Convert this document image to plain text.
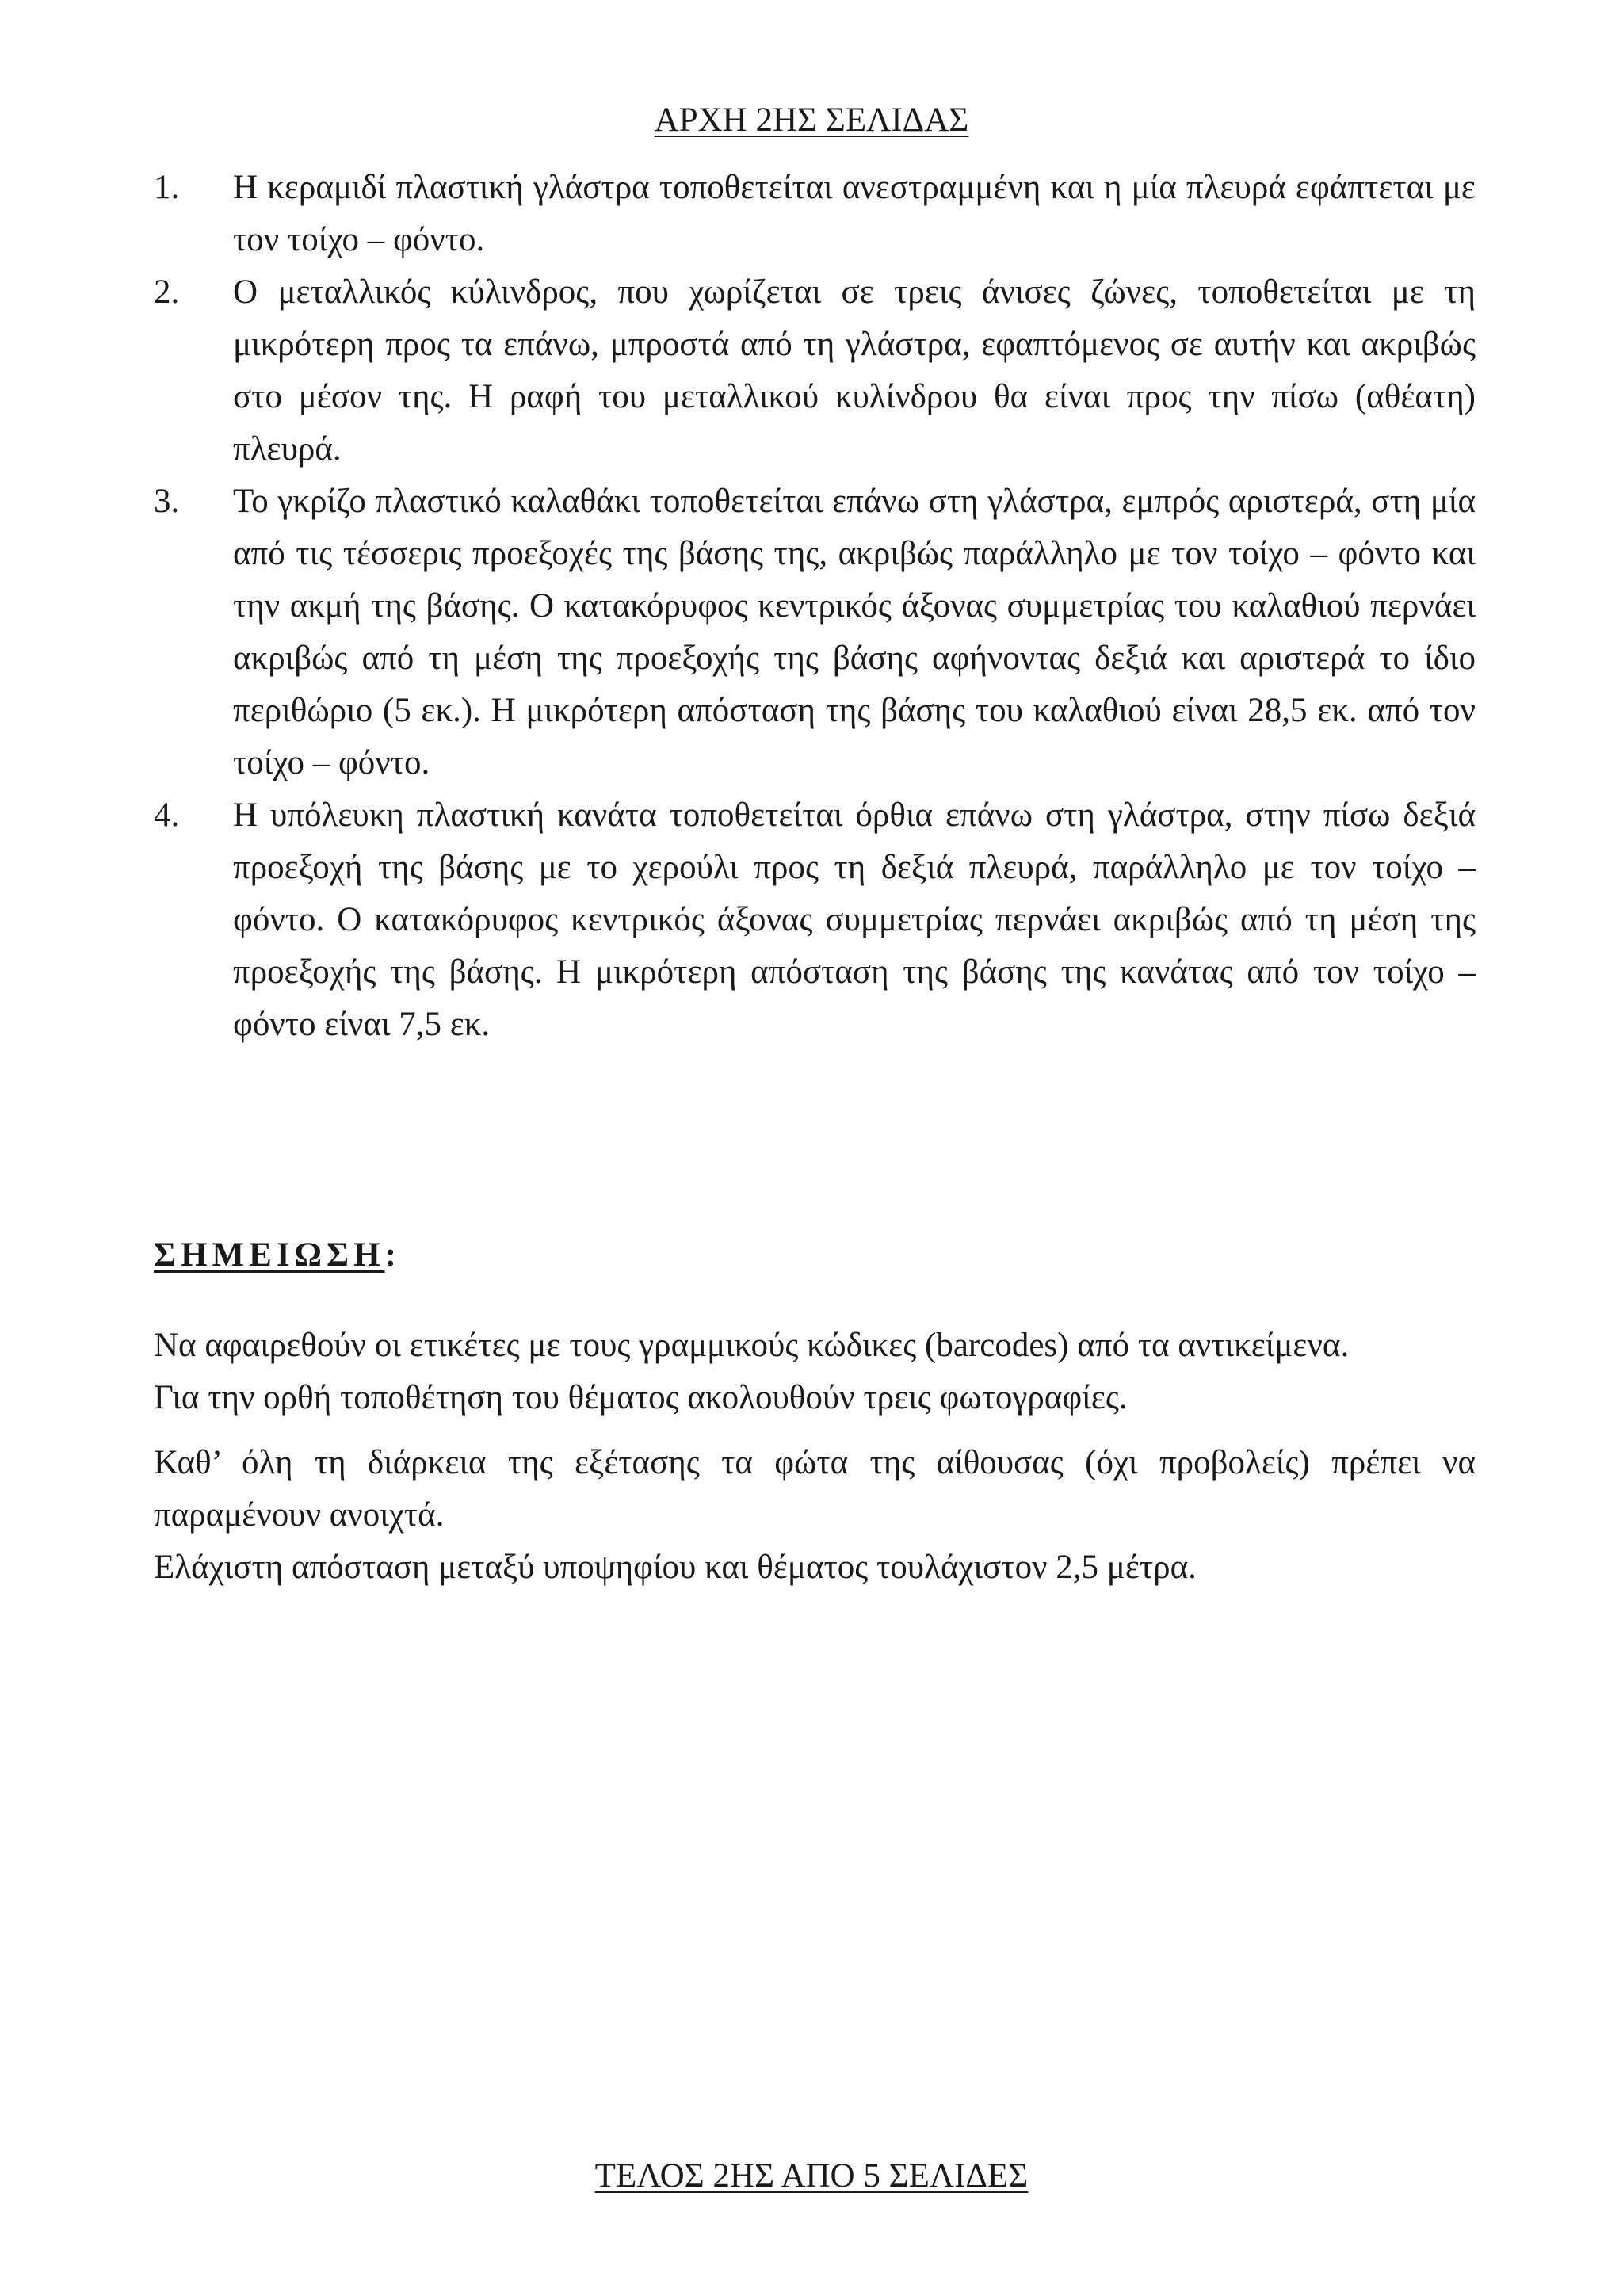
ΑΡΧΗ 2ΗΣ ΣΕΛΙΔΑΣ
1. Η κεραμιδί πλαστική γλάστρα τοποθετείται ανεστραμμένη και η μία πλευρά εφάπτεται με τον τοίχο – φόντο.
2. Ο μεταλλικός κύλινδρος, που χωρίζεται σε τρεις άνισες ζώνες, τοποθετείται με τη μικρότερη προς τα επάνω, μπροστά από τη γλάστρα, εφαπτόμενος σε αυτήν και ακριβώς στο μέσον της. Η ραφή του μεταλλικού κυλίνδρου θα είναι προς την πίσω (αθέατη) πλευρά.
3. Το γκρίζο πλαστικό καλαθάκι τοποθετείται επάνω στη γλάστρα, εμπρός αριστερά, στη μία από τις τέσσερις προεξοχές της βάσης της, ακριβώς παράλληλο με τον τοίχο – φόντο και την ακμή της βάσης. Ο κατακόρυφος κεντρικός άξονας συμμετρίας του καλαθιού περνάει ακριβώς από τη μέση της προεξοχής της βάσης αφήνοντας δεξιά και αριστερά το ίδιο περιθώριο (5 εκ.). Η μικρότερη απόσταση της βάσης του καλαθιού είναι 28,5 εκ. από τον τοίχο – φόντο.
4. Η υπόλευκη πλαστική κανάτα τοποθετείται όρθια επάνω στη γλάστρα, στην πίσω δεξιά προεξοχή της βάσης με το χερούλι προς τη δεξιά πλευρά, παράλληλο με τον τοίχο – φόντο. Ο κατακόρυφος κεντρικός άξονας συμμετρίας περνάει ακριβώς από τη μέση της προεξοχής της βάσης. Η μικρότερη απόσταση της βάσης της κανάτας από τον τοίχο – φόντο είναι 7,5 εκ.
ΣΗΜΕΙΩΣΗ:

Να αφαιρεθούν οι ετικέτες με τους γραμμικούς κώδικες (barcodes) από τα αντικείμενα.

Για την ορθή τοποθέτηση του θέματος ακολουθούν τρεις φωτογραφίες.

Καθ’ όλη τη διάρκεια της εξέτασης τα φώτα της αίθουσας (όχι προβολείς) πρέπει να παραμένουν ανοιχτά.

Ελάχιστη απόσταση μεταξύ υποψηφίου και θέματος τουλάχιστον 2,5 μέτρα.

ΤΕΛΟΣ 2ΗΣ ΑΠΟ 5 ΣΕΛΙΔΕΣ
